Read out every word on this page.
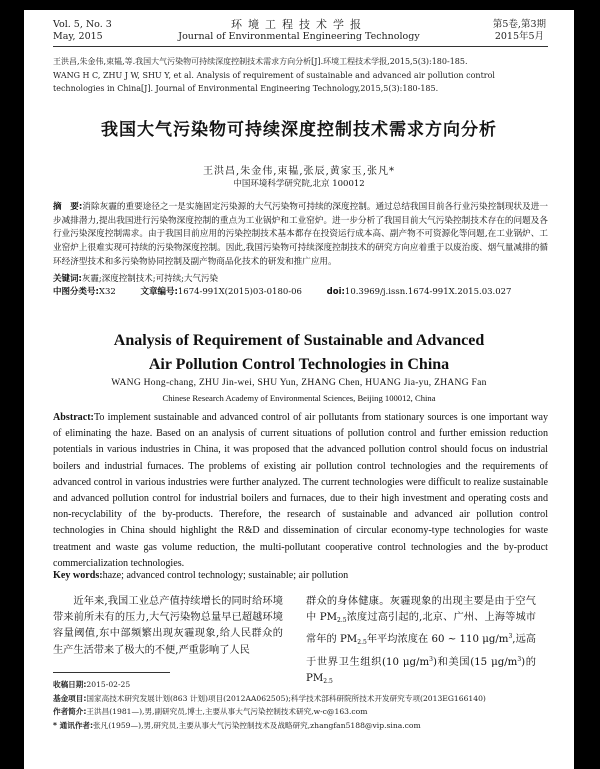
Vol. 5, No. 3
May, 2015
环境工程技术学报
Journal of Environmental Engineering Technology
第5卷,第3期
2015年5月
王洪昌,朱金伟,束韫,等.我国大气污染物可持续深度控制技术需求方向分析[J].环境工程技术学报,2015,5(3):180-185.
WANG H C, ZHU J W, SHU Y, et al. Analysis of requirement of sustainable and advanced air pollution control technologies in China[J]. Journal of Environmental Engineering Technology,2015,5(3):180-185.
我国大气污染物可持续深度控制技术需求方向分析
王洪昌,朱金伟,束韫,张辰,黄家玉,张凡*
中国环境科学研究院,北京 100012
摘　要:消除灰霾的重要途径之一是实施固定污染源的大气污染物可持续的深度控制。通过总结我国目前各行业污染控制现状及进一步减排潜力,提出我国进行污染物深度控制的重点为工业锅炉和工业窑炉。进一步分析了我国目前大气污染控制技术存在的问题及各行业污染深度控制需求。由于我国目前应用的污染控制技术基本都存在投资运行成本高、副产物不可资源化等问题,在工业锅炉、工业窑炉上很难实现可持续的污染物深度控制。因此,我国污染物可持续深度控制技术的研究方向应着重于以废治废、烟气量减排的循环经济型技术和多污染物协同控制及副产物商品化技术的研发和推广应用。
关键词:灰霾;深度控制技术;可持续;大气污染
中图分类号:X32	文章编号:1674-991X(2015)03-0180-06	doi:10.3969/j.issn.1674-991X.2015.03.027
Analysis of Requirement of Sustainable and Advanced
Air Pollution Control Technologies in China
WANG Hong-chang, ZHU Jin-wei, SHU Yun, ZHANG Chen, HUANG Jia-yu, ZHANG Fan
Chinese Research Academy of Environmental Sciences, Beijing 100012, China
Abstract:To implement sustainable and advanced control of air pollutants from stationary sources is one important way of eliminating the haze. Based on an analysis of current situations of pollution control and further emission reduction potentials in various industries in China, it was proposed that the advanced pollution control should focus on industrial boilers and industrial furnaces. The problems of existing air pollution control technologies and the requirements of advanced control in various industries were further analyzed. The current technologies were difficult to realize sustainable and advanced pollution control for industrial boilers and furnaces, due to their high investment and operating costs and non-recyclability of the by-products. Therefore, the research of sustainable and advanced air pollution control technologies in China should highlight the R&D and dissemination of circular economy-type technologies for waste treatment and waste gas volume reduction, the multi-pollutant cooperative control technologies and the by-product commercialization technologies.
Key words:haze; advanced control technology; sustainable; air pollution
近年来,我国工业总产值持续增长的同时给环境带来前所未有的压力,大气污染物总量早已超越环境容量阈值,东中部频繁出现灰霾现象,给人民群众的生产生活带来了极大的不便,严重影响了人民
群众的身体健康。灰霾现象的出现主要是由于空气中 $PM_{2.5}$浓度过高引起的,北京、广州、上海等城市常年的 $PM_{2.5}$年平均浓度在 60 ~ 110 $\mu g/m^3$,远高于世界卫生组织(10 $\mu g/m^3$)和美国(15 $\mu g/m^3$)的 $PM_{2.5}$
收稿日期:2015-02-25
基金项目:国家高技术研究发展计划(863 计划)项目(2012AA062505);科学技术部科研院所技术开发研究专项(2013EG166140)
作者简介:王洪昌(1981—),男,副研究员,博士,主要从事大气污染控制技术研究,w-c@163.com
* 通讯作者:张凡(1959—),男,研究员,主要从事大气污染控制技术及战略研究,zhangfan5188@vip.sina.com
